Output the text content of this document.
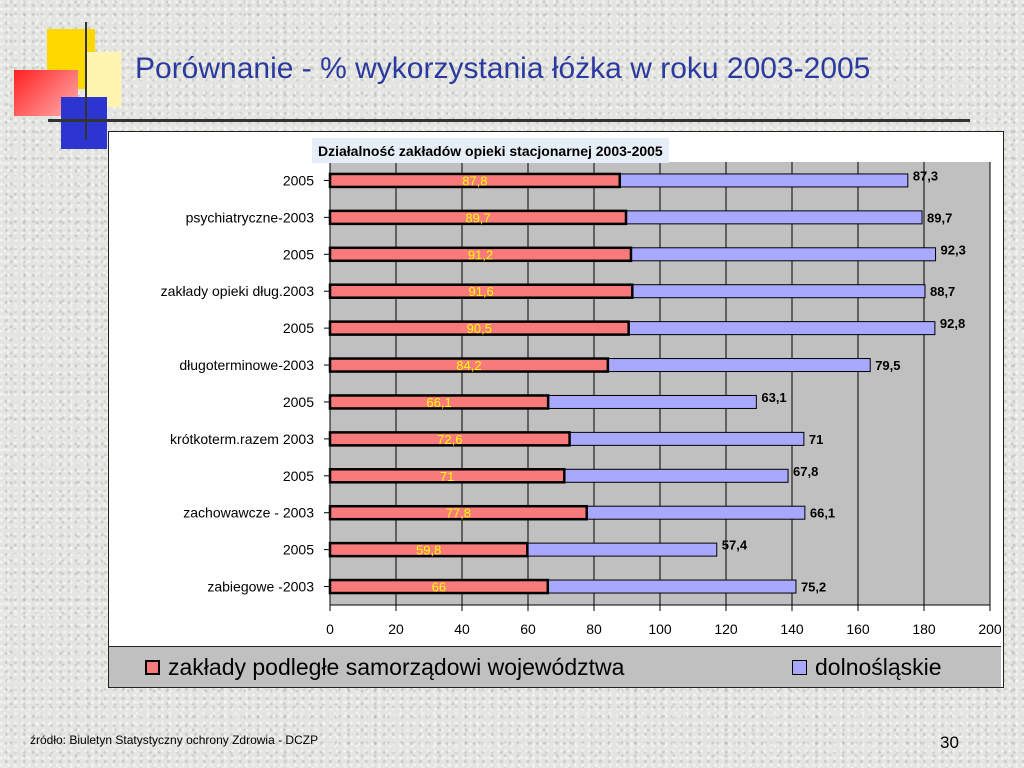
Porównanie - % wykorzystania łóżka w roku 2003-2005
0	20	40	60	80	100	120	140	160	180	200
2005	87,8	87,3
psychiatryczne-2003	89,7	89,7
2005	91,2	92,3
zakłady opieki dług.2003	91,6	88,7
2005	90,5	92,8
długoterminowe-2003	84,2	79,5
2005	66,1	63,1
krótkoterm.razem 2003	72,6	71
2005	71	67,8
zachowawcze - 2003	77,8	66,1
2005	59,8	57,4
zabiegowe -2003	66	75,2
Działalność zakładów opieki stacjonarnej 2003-2005
zakłady podległe samorządowi województwa	dolnośląskie
źródło: Biuletyn Statystyczny ochrony Zdrowia - DCZP	30
